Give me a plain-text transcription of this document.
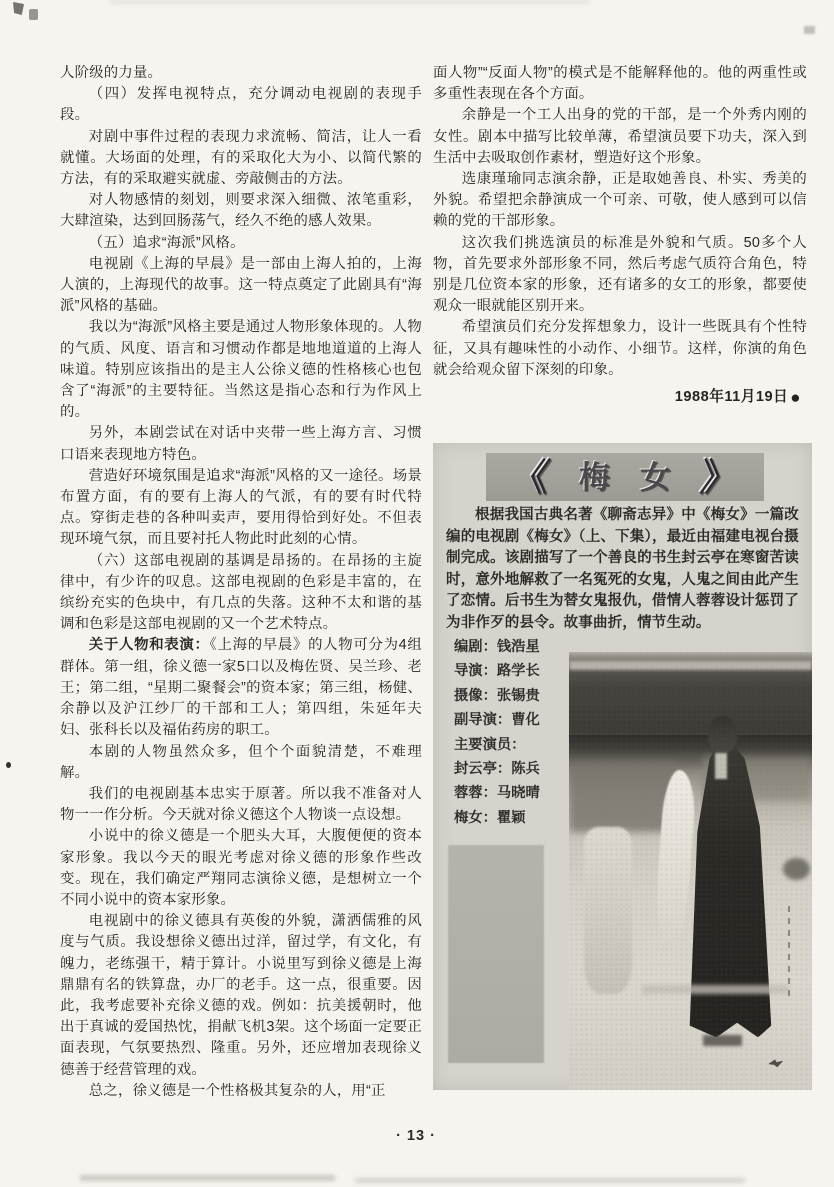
人阶级的力量。

（四）发挥电视特点，充分调动电视剧的表现手段。

对剧中事件过程的表现力求流畅、简洁，让人一看就懂。大场面的处理，有的采取化大为小、以简代繁的方法，有的采取避实就虚、旁敲侧击的方法。

对人物感情的刻划，则要求深入细微、浓笔重彩，大肆渲染，达到回肠荡气，经久不绝的感人效果。

（五）追求“海派”风格。

电视剧《上海的早晨》是一部由上海人拍的，上海人演的，上海现代的故事。这一特点奠定了此剧具有“海派”风格的基础。

我以为“海派”风格主要是通过人物形象体现的。人物的气质、风度、语言和习惯动作都是地地道道的上海人味道。特别应该指出的是主人公徐义德的性格核心也包含了“海派”的主要特征。当然这是指心态和行为作风上的。

另外，本剧尝试在对话中夹带一些上海方言、习惯口语来表现地方特色。

营造好环境氛围是追求“海派”风格的又一途径。场景布置方面，有的要有上海人的气派，有的要有时代特点。穿街走巷的各种叫卖声，要用得恰到好处。不但表现环境气氛，而且要衬托人物此时此刻的心情。

（六）这部电视剧的基调是昂扬的。在昂扬的主旋律中，有少许的叹息。这部电视剧的色彩是丰富的，在缤纷充实的色块中，有几点的失落。这种不太和谐的基调和色彩是这部电视剧的又一个艺术特点。

关于人物和表演：《上海的早晨》的人物可分为4组群体。第一组，徐义德一家5口以及梅佐贤、吴兰珍、老王；第二组，“星期二聚餐会”的资本家；第三组，杨健、余静以及沪江纱厂的干部和工人；第四组，朱延年夫妇、张科长以及福佑药房的职工。

本剧的人物虽然众多，但个个面貌清楚，不难理解。

我们的电视剧基本忠实于原著。所以我不准备对人物一一作分析。今天就对徐义德这个人物谈一点设想。

小说中的徐义德是一个肥头大耳，大腹便便的资本家形象。我以今天的眼光考虑对徐义德的形象作些改变。现在，我们确定严翔同志演徐义德，是想树立一个不同小说中的资本家形象。

电视剧中的徐义德具有英俊的外貌，潇洒儒雅的风度与气质。我设想徐义德出过洋，留过学，有文化，有魄力，老练强干，精于算计。小说里写到徐义德是上海鼎鼎有名的铁算盘，办厂的老手。这一点，很重要。因此，我考虑要补充徐义德的戏。例如：抗美援朝时，他出于真诚的爱国热忱，捐献飞机3架。这个场面一定要正面表现，气氛要热烈、隆重。另外，还应增加表现徐义德善于经营管理的戏。

总之，徐义德是一个性格极其复杂的人，用“正

面人物”“反面人物”的模式是不能解释他的。他的两重性或多重性表现在各个方面。

余静是一个工人出身的党的干部，是一个外秀内刚的女性。剧本中描写比较单薄，希望演员要下功夫，深入到生活中去吸取创作素材，塑造好这个形象。

选康瑾瑜同志演余静，正是取她善良、朴实、秀美的外貌。希望把余静演成一个可亲、可敬，使人感到可以信赖的党的干部形象。

这次我们挑选演员的标准是外貌和气质。50多个人物，首先要求外部形象不同，然后考虑气质符合角色，特别是几位资本家的形象，还有诸多的女工的形象，都要使观众一眼就能区别开来。

希望演员们充分发挥想象力，设计一些既具有个性特征，又具有趣味性的小动作、小细节。这样，你演的角色就会给观众留下深刻的印象。

1988年11月19日 ●
《 梅 女 》

根据我国古典名著《聊斋志异》中《梅女》一篇改编的电视剧《梅女》（上、下集），最近由福建电视台摄制完成。该剧描写了一个善良的书生封云亭在寒窗苦读时，意外地解救了一名冤死的女鬼，人鬼之间由此产生了恋情。后书生为替女鬼报仇，借情人蓉蓉设计惩罚了为非作歹的县令。故事曲折，情节生动。

编剧：钱浩星
导演：路学长
摄像：张锡贵
副导演：曹化
主要演员：
封云亭：陈兵
蓉蓉：马晓晴
梅女：瞿颖
· 13 ·
